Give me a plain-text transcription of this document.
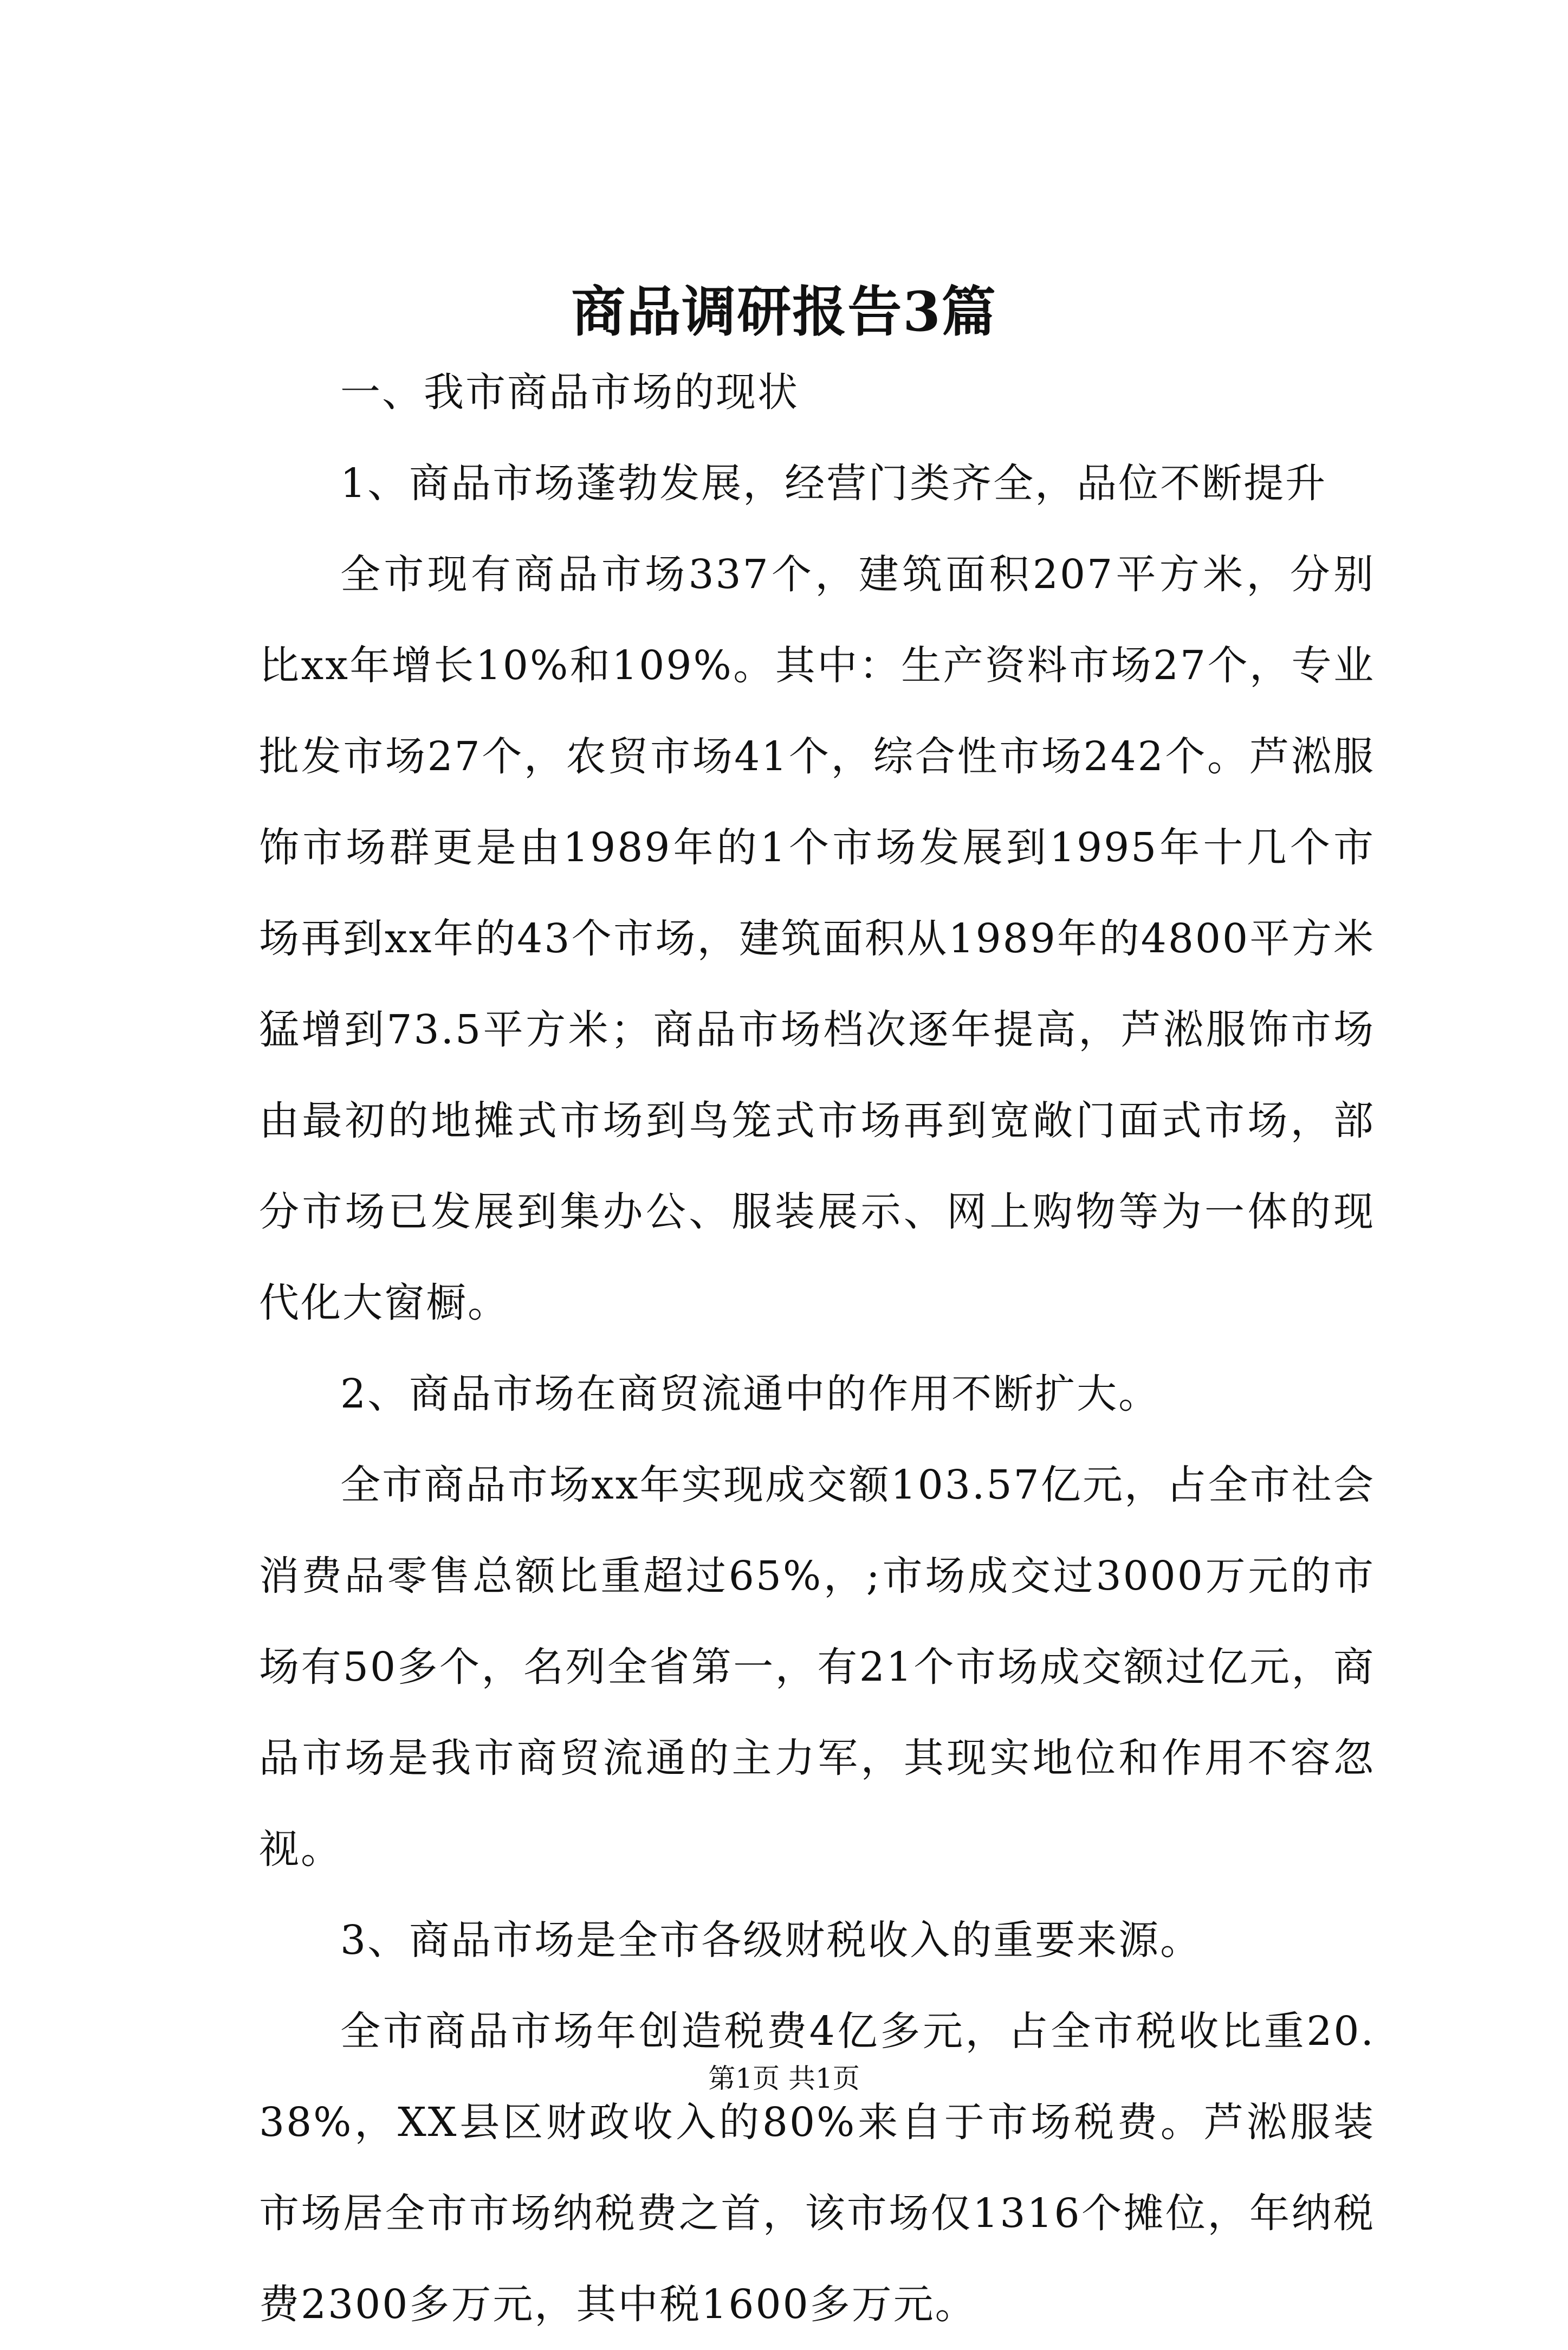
商品调研报告3篇

一、我市商品市场的现状

1、商品市场蓬勃发展，经营门类齐全，品位不断提升

全市现有商品市场337个，建筑面积207平方米，分别比xx年增长10%和109%。其中：生产资料市场27个，专业批发市场27个，农贸市场41个，综合性市场242个。芦淞服饰市场群更是由1989年的1个市场发展到1995年十几个市场再到xx年的43个市场，建筑面积从1989年的4800平方米猛增到73.5平方米；商品市场档次逐年提高，芦淞服饰市场由最初的地摊式市场到鸟笼式市场再到宽敞门面式市场，部分市场已发展到集办公、服装展示、网上购物等为一体的现代化大窗橱。

2、商品市场在商贸流通中的作用不断扩大。

全市商品市场xx年实现成交额103.57亿元，占全市社会消费品零售总额比重超过65%，;市场成交过3000万元的市场有50多个，名列全省第一，有21个市场成交额过亿元，商品市场是我市商贸流通的主力军，其现实地位和作用不容忽视。

3、商品市场是全市各级财税收入的重要来源。

全市商品市场年创造税费4亿多元，占全市税收比重20.38%，XX县区财政收入的80%来自于市场税费。芦淞服装市场居全市市场纳税费之首，该市场仅1316个摊位，年纳税费2300多万元，其中税1600多万元。

第1页 共1页
